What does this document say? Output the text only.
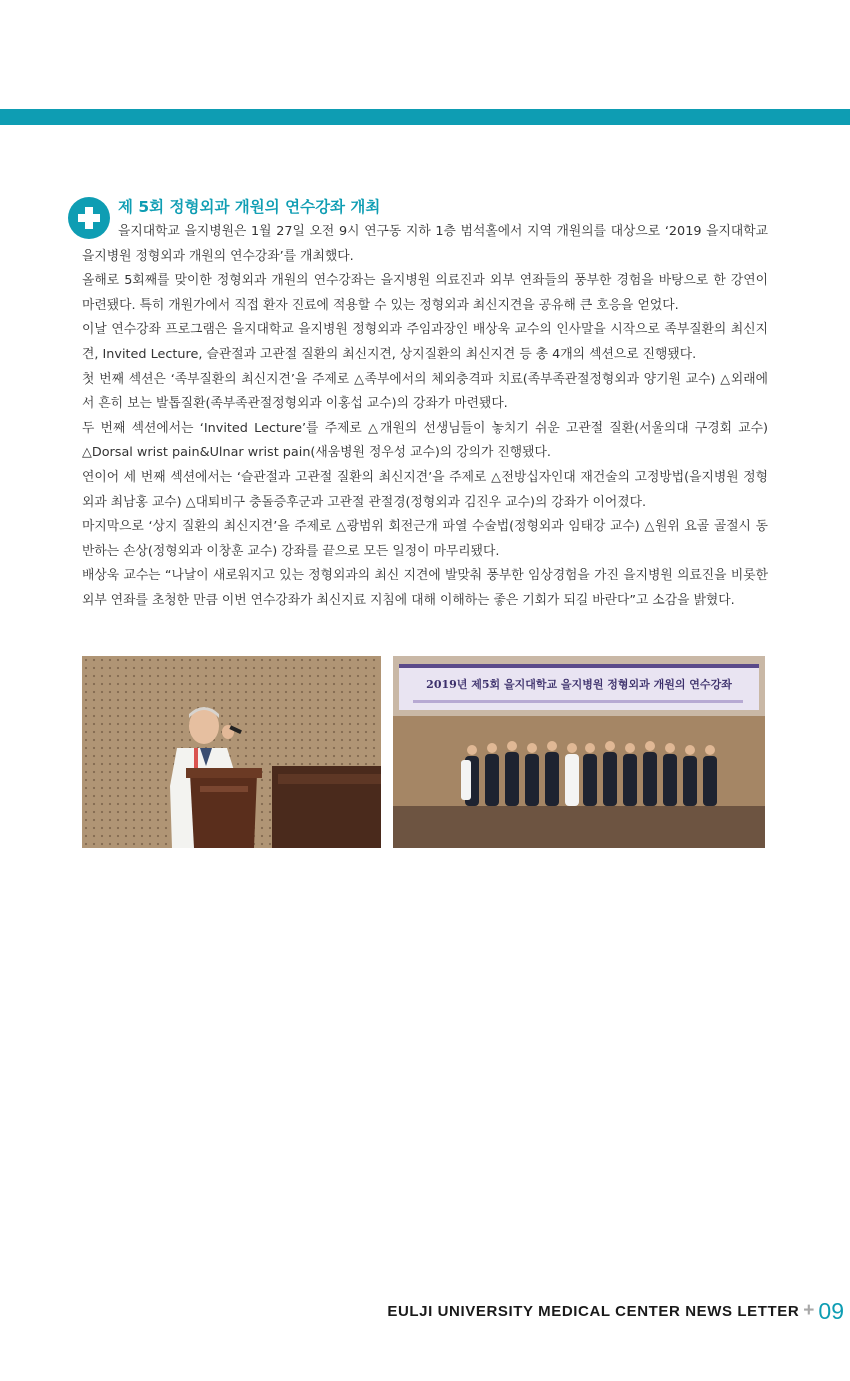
제 5회 정형외과 개원의 연수강좌 개최

을지대학교 을지병원은 1월 27일 오전 9시 연구동 지하 1층 범석홀에서 지역 개원의를 대상으로 ‘2019 을지대학교 을지병원 정형외과 개원의 연수강좌’를 개최했다.

올해로 5회째를 맞이한 정형외과 개원의 연수강좌는 을지병원 의료진과 외부 연좌들의 풍부한 경험을 바탕으로 한 강연이 마련됐다. 특히 개원가에서 직접 환자 진료에 적용할 수 있는 정형외과 최신지견을 공유해 큰 호응을 얻었다.

이날 연수강좌 프로그램은 을지대학교 을지병원 정형외과 주임과장인 배상욱 교수의 인사말을 시작으로 족부질환의 최신지견, Invited Lecture, 슬관절과 고관절 질환의 최신지견, 상지질환의 최신지견 등 총 4개의 섹션으로 진행됐다.

첫 번째 섹션은 ‘족부질환의 최신지견’을 주제로 △족부에서의 체외충격파 치료(족부족관절정형외과 양기원 교수) △외래에서 흔히 보는 발톱질환(족부족관절정형외과 이홍섭 교수)의 강좌가 마련됐다.

두 번째 섹션에서는 ‘Invited Lecture’를 주제로 △개원의 선생님들이 놓치기 쉬운 고관절 질환(서울의대 구경회 교수) △Dorsal wrist pain&Ulnar wrist pain(새움병원 정우성 교수)의 강의가 진행됐다.

연이어 세 번째 섹션에서는 ‘슬관절과 고관절 질환의 최신지견’을 주제로 △전방십자인대 재건술의 고정방법(을지병원 정형외과 최남홍 교수) △대퇴비구 충돌증후군과 고관절 관절경(정형외과 김진우 교수)의 강좌가 이어졌다.

마지막으로 ‘상지 질환의 최신지견’을 주제로 △광범위 회전근개 파열 수술법(정형외과 임태강 교수) △원위 요골 골절시 동반하는 손상(정형외과 이창훈 교수) 강좌를 끝으로 모든 일정이 마무리됐다.

배상욱 교수는 “나날이 새로워지고 있는 정형외과의 최신 지견에 발맞춰 풍부한 임상경험을 가진 을지병원 의료진을 비롯한 외부 연좌를 초청한 만큼 이번 연수강좌가 최신지료 지침에 대해 이해하는 좋은 기회가 되길 바란다”고 소감을 밝혔다.

2019년 제5회 을지대학교 을지병원 정형외과 개원의 연수강좌
EULJI UNIVERSITY MEDICAL CENTER NEWS LETTER + 09
